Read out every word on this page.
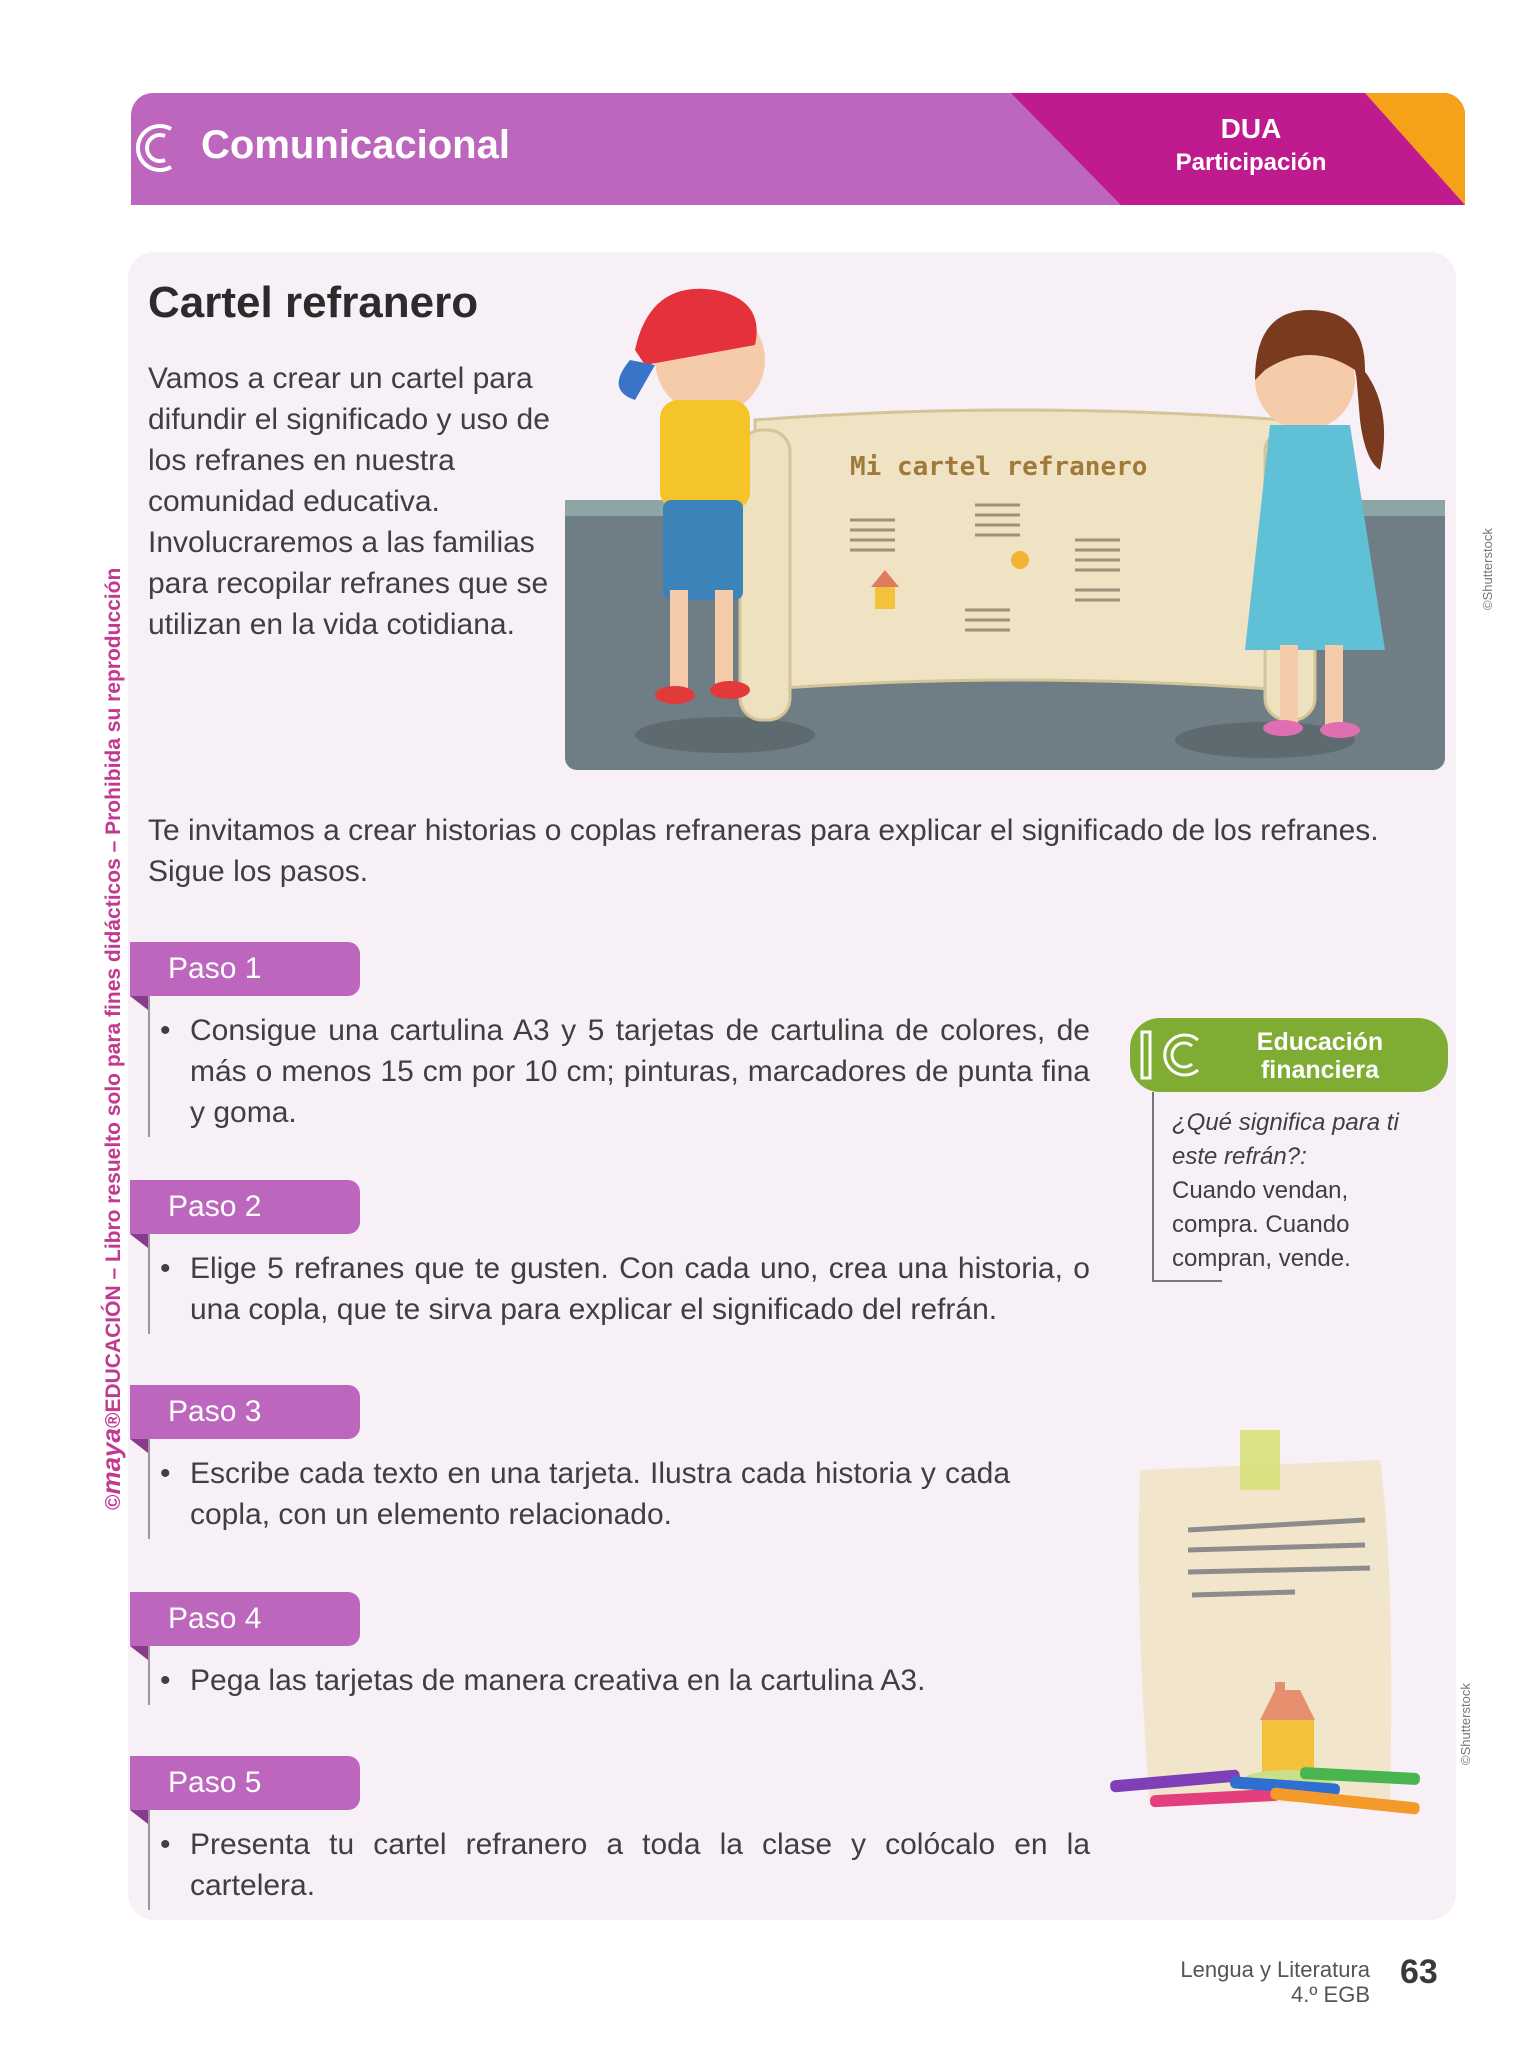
Comunicacional	DUA
Participación
©maya®EDUCACIÓN – Libro resuelto solo para fines didácticos – Prohibida su reproducción
Cartel refranero
Vamos a crear un cartel para difundir el significado y uso de los refranes en nuestra comunidad educativa. Involucraremos a las familias para recopilar refranes que se utilizan en la vida cotidiana.
Mi cartel refranero
©Shutterstock
Te invitamos a crear historias o coplas refraneras para explicar el significado de los refranes. Sigue los pasos.
Paso 1
• Consigue una cartulina A3 y 5 tarjetas de cartulina de colores, de más o menos 15 cm por 10 cm; pinturas, marcadores de punta fina y goma.
Paso 2
• Elige 5 refranes que te gusten. Con cada uno, crea una historia, o una copla, que te sirva para explicar el significado del refrán.
Paso 3
• Escribe cada texto en una tarjeta. Ilustra cada historia y cada copla, con un elemento relacionado.
Paso 4
• Pega las tarjetas de manera creativa en la cartulina A3.
Paso 5
• Presenta tu cartel refranero a toda la clase y colócalo en la cartelera.
Educación financiera
¿Qué significa para ti este refrán?:
Cuando vendan, compra. Cuando compran, vende.
©Shutterstock
Lengua y Literatura
4.º EGB
63
